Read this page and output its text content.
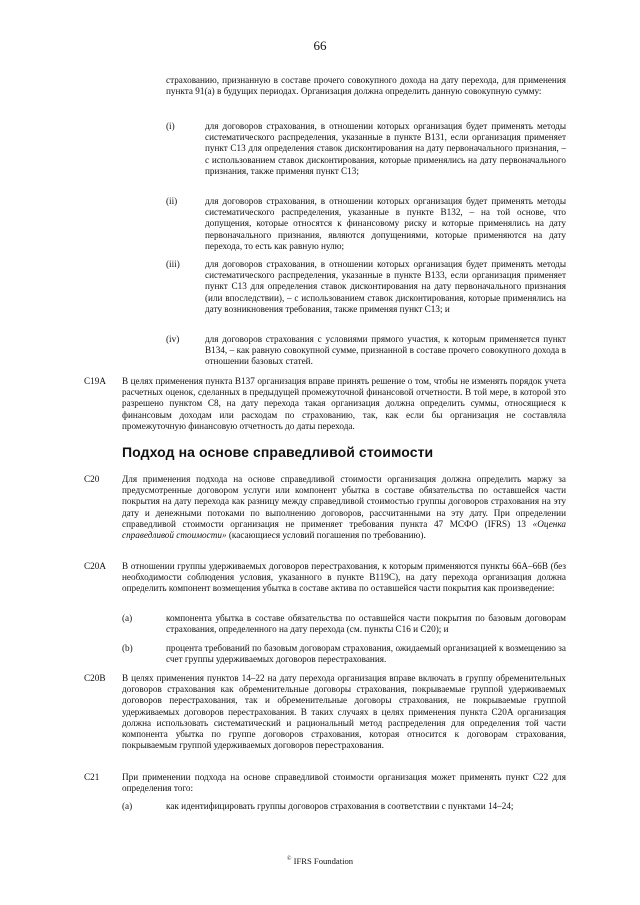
66
страхованию, признанную в составе прочего совокупного дохода на дату перехода, для применения пункта 91(a) в будущих периодах. Организация должна определить данную совокупную сумму:
(i)	для договоров страхования, в отношении которых организация будет применять методы систематического распределения, указанные в пункте B131, если организация применяет пункт C13 для определения ставок дисконтирования на дату первоначального признания, – с использованием ставок дисконтирования, которые применялись на дату первоначального признания, также применяя пункт C13;
(ii)	для договоров страхования, в отношении которых организация будет применять методы систематического распределения, указанные в пункте B132, – на той основе, что допущения, которые относятся к финансовому риску и которые применялись на дату первоначального признания, являются допущениями, которые применяются на дату перехода, то есть как равную нулю;
(iii)	для договоров страхования, в отношении которых организация будет применять методы систематического распределения, указанные в пункте B133, если организация применяет пункт C13 для определения ставок дисконтирования на дату первоначального признания (или впоследствии), – с использованием ставок дисконтирования, которые применялись на дату возникновения требования, также применяя пункт C13; и
(iv)	для договоров страхования с условиями прямого участия, к которым применяется пункт B134, – как равную совокупной сумме, признанной в составе прочего совокупного дохода в отношении базовых статей.
C19A В целях применения пункта B137 организация вправе принять решение о том, чтобы не изменять порядок учета расчетных оценок, сделанных в предыдущей промежуточной финансовой отчетности. В той мере, в которой это разрешено пунктом C8, на дату перехода такая организация должна определить суммы, относящиеся к финансовым доходам или расходам по страхованию, так, как если бы организация не составляла промежуточную финансовую отчетность до даты перехода.
Подход на основе справедливой стоимости
C20 Для применения подхода на основе справедливой стоимости организация должна определить маржу за предусмотренные договором услуги или компонент убытка в составе обязательства по оставшейся части покрытия на дату перехода как разницу между справедливой стоимостью группы договоров страхования на эту дату и денежными потоками по выполнению договоров, рассчитанными на эту дату. При определении справедливой стоимости организация не применяет требования пункта 47 МСФО (IFRS) 13 «Оценка справедливой стоимости» (касающиеся условий погашения по требованию).
C20A В отношении группы удерживаемых договоров перестрахования, к которым применяются пункты 66A–66B (без необходимости соблюдения условия, указанного в пункте B119C), на дату перехода организация должна определить компонент возмещения убытка в составе актива по оставшейся части покрытия как произведение:
(a)	компонента убытка в составе обязательства по оставшейся части покрытия по базовым договорам страхования, определенного на дату перехода (см. пункты C16 и C20); и
(b)	процента требований по базовым договорам страхования, ожидаемый организацией к возмещению за счет группы удерживаемых договоров перестрахования.
C20B В целях применения пунктов 14–22 на дату перехода организация вправе включать в группу обременительных договоров страхования как обременительные договоры страхования, покрываемые группой удерживаемых договоров перестрахования, так и обременительные договоры страхования, не покрываемые группой удерживаемых договоров перестрахования. В таких случаях в целях применения пункта C20A организация должна использовать систематический и рациональный метод распределения для определения той части компонента убытка по группе договоров страхования, которая относится к договорам страхования, покрываемым группой удерживаемых договоров перестрахования.
C21 При применении подхода на основе справедливой стоимости организация может применять пункт C22 для определения того:
(a)	как идентифицировать группы договоров страхования в соответствии с пунктами 14–24;
© IFRS Foundation
